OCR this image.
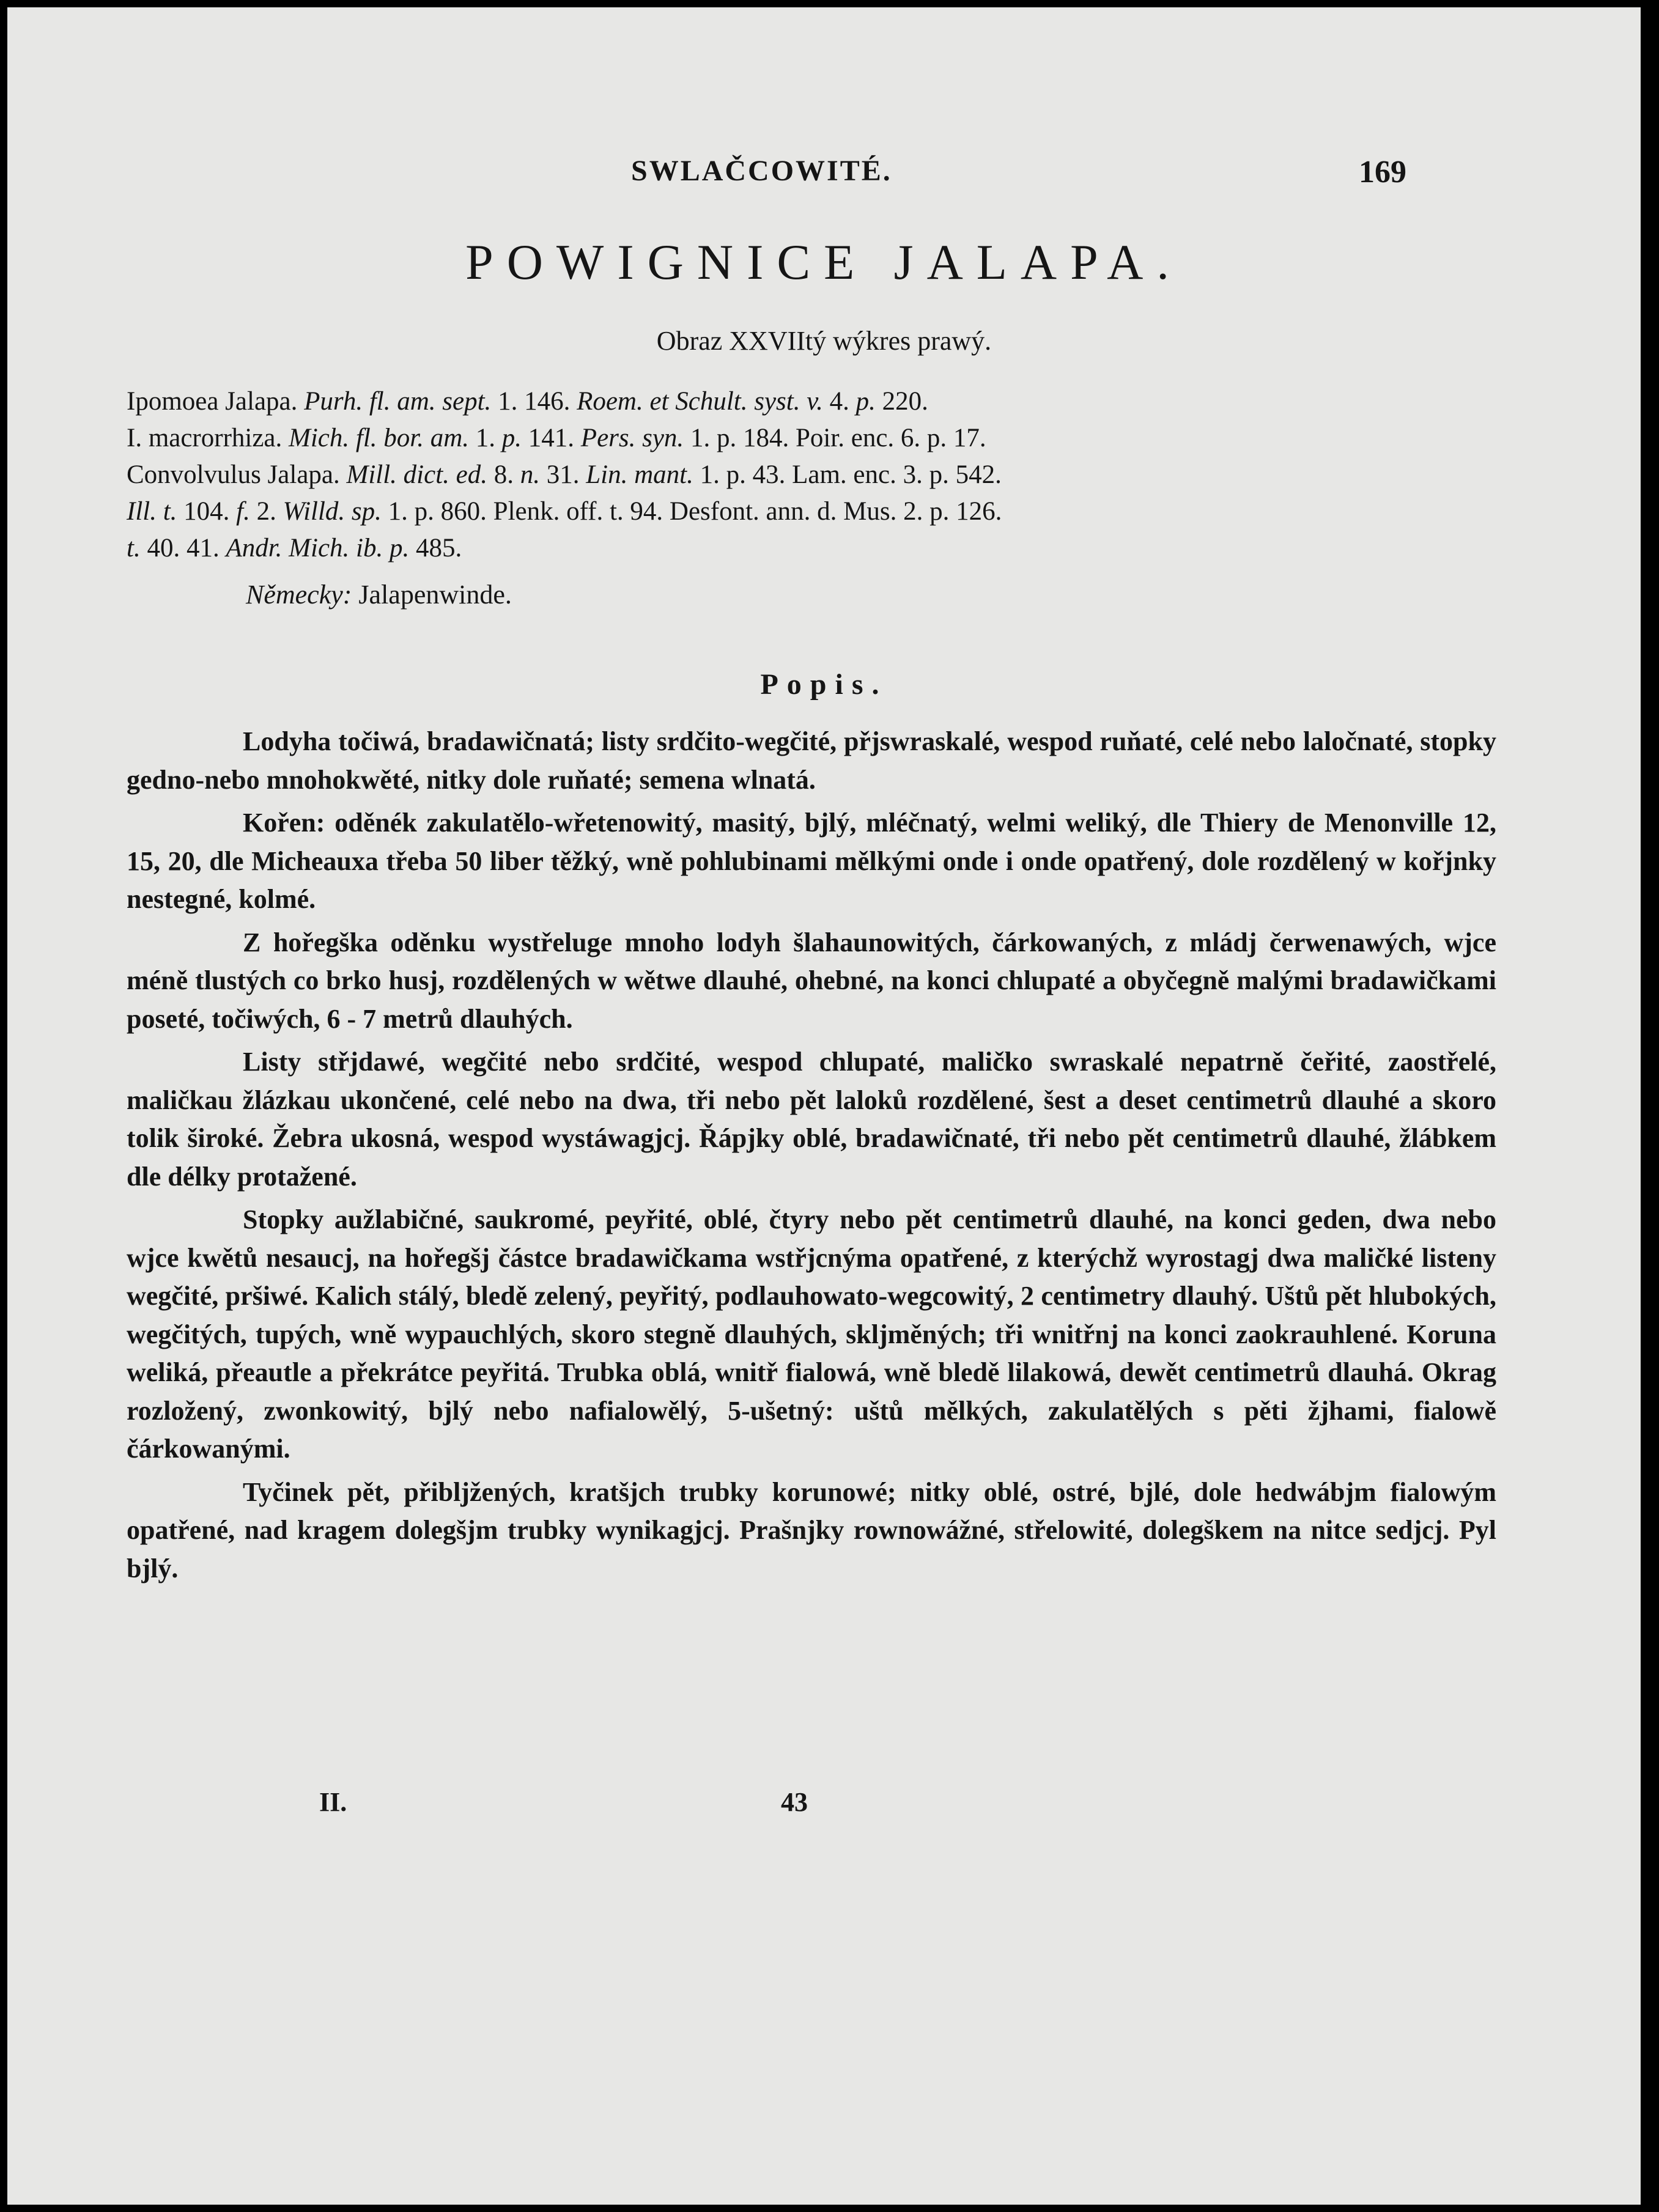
SWLAČCOWITÉ.	169
POWIGNICE JALAPA.
Obraz XXVIItý wýkres prawý.
Ipomoea Jalapa. Purh. fl. am. sept. 1. 146. Roem. et Schult. syst. v. 4. p. 220.
I. macrorrhiza. Mich. fl. bor. am. 1. p. 141. Pers. syn. 1. p. 184. Poir. enc. 6. p. 17.
Convolvulus Jalapa. Mill. dict. ed. 8. n. 31. Lin. mant. 1. p. 43. Lam. enc. 3. p. 542.
Ill. t. 104. f. 2. Willd. sp. 1. p. 860. Plenk. off. t. 94. Desfont. ann. d. Mus. 2. p. 126.
t. 40. 41. Andr. Mich. ib. p. 485.
Německy: Jalapenwinde.
Popis.

Lodyha točiwá, bradawičnatá; listy srdčito-wegčité, přjswraskalé, wespod ruňaté, celé nebo laločnaté, stopky gedno-nebo mnohokwěté, nitky dole ruňaté; semena wlnatá.

Kořen: oděnék zakulatělo-wřetenowitý, masitý, bjlý, mléčnatý, welmi weliký, dle Thiery de Menonville 12, 15, 20, dle Micheauxa třeba 50 liber těžký, wně pohlubinami mělkými onde i onde opatřený, dole rozdělený w kořjnky nestegné, kolmé.

Z hořegška oděnku wystřeluge mnoho lodyh šlahaunowitých, čárkowaných, z mládj čerwenawých, wjce méně tlustých co brko husj, rozdělených w wětwe dlauhé, ohebné, na konci chlupaté a obyčegně malými bradawičkami poseté, točiwých, 6 - 7 metrů dlauhých.

Listy střjdawé, wegčité nebo srdčité, wespod chlupaté, maličko swraskalé nepatrně čeřité, zaostřelé, maličkau žlázkau ukončené, celé nebo na dwa, tři nebo pět laloků rozdělené, šest a deset centimetrů dlauhé a skoro tolik široké. Žebra ukosná, wespod wystáwagjcj. Řápjky oblé, bradawičnaté, tři nebo pět centimetrů dlauhé, žlábkem dle délky protažené.

Stopky aužlabičné, saukromé, peyřité, oblé, čtyry nebo pět centimetrů dlauhé, na konci geden, dwa nebo wjce kwětů nesaucj, na hořegšj částce bradawičkama wstřjcnýma opatřené, z kterýchž wyrostagj dwa maličké listeny wegčité, pršiwé. Kalich stálý, bledě zelený, peyřitý, podlauhowato-wegcowitý, 2 centimetry dlauhý. Uštů pět hlubokých, wegčitých, tupých, wně wypauchlých, skoro stegně dlauhých, skljměných; tři wnitřnj na konci zaokrauhlené. Koruna weliká, přeautle a překrátce peyřitá. Trubka oblá, wnitř fialowá, wně bledě lilakowá, dewět centimetrů dlauhá. Okrag rozložený, zwonkowitý, bjlý nebo nafialowělý, 5-ušetný: uštů mělkých, zakulatělých s pěti žjhami, fialowě čárkowanými.

Tyčinek pět, přibljžených, kratšjch trubky korunowé; nitky oblé, ostré, bjlé, dole hedwábjm fialowým opatřené, nad kragem dolegšjm trubky wynikagjcj. Prašnjky rownowážné, střelowité, dolegškem na nitce sedjcj. Pyl bjlý.

II.	43
